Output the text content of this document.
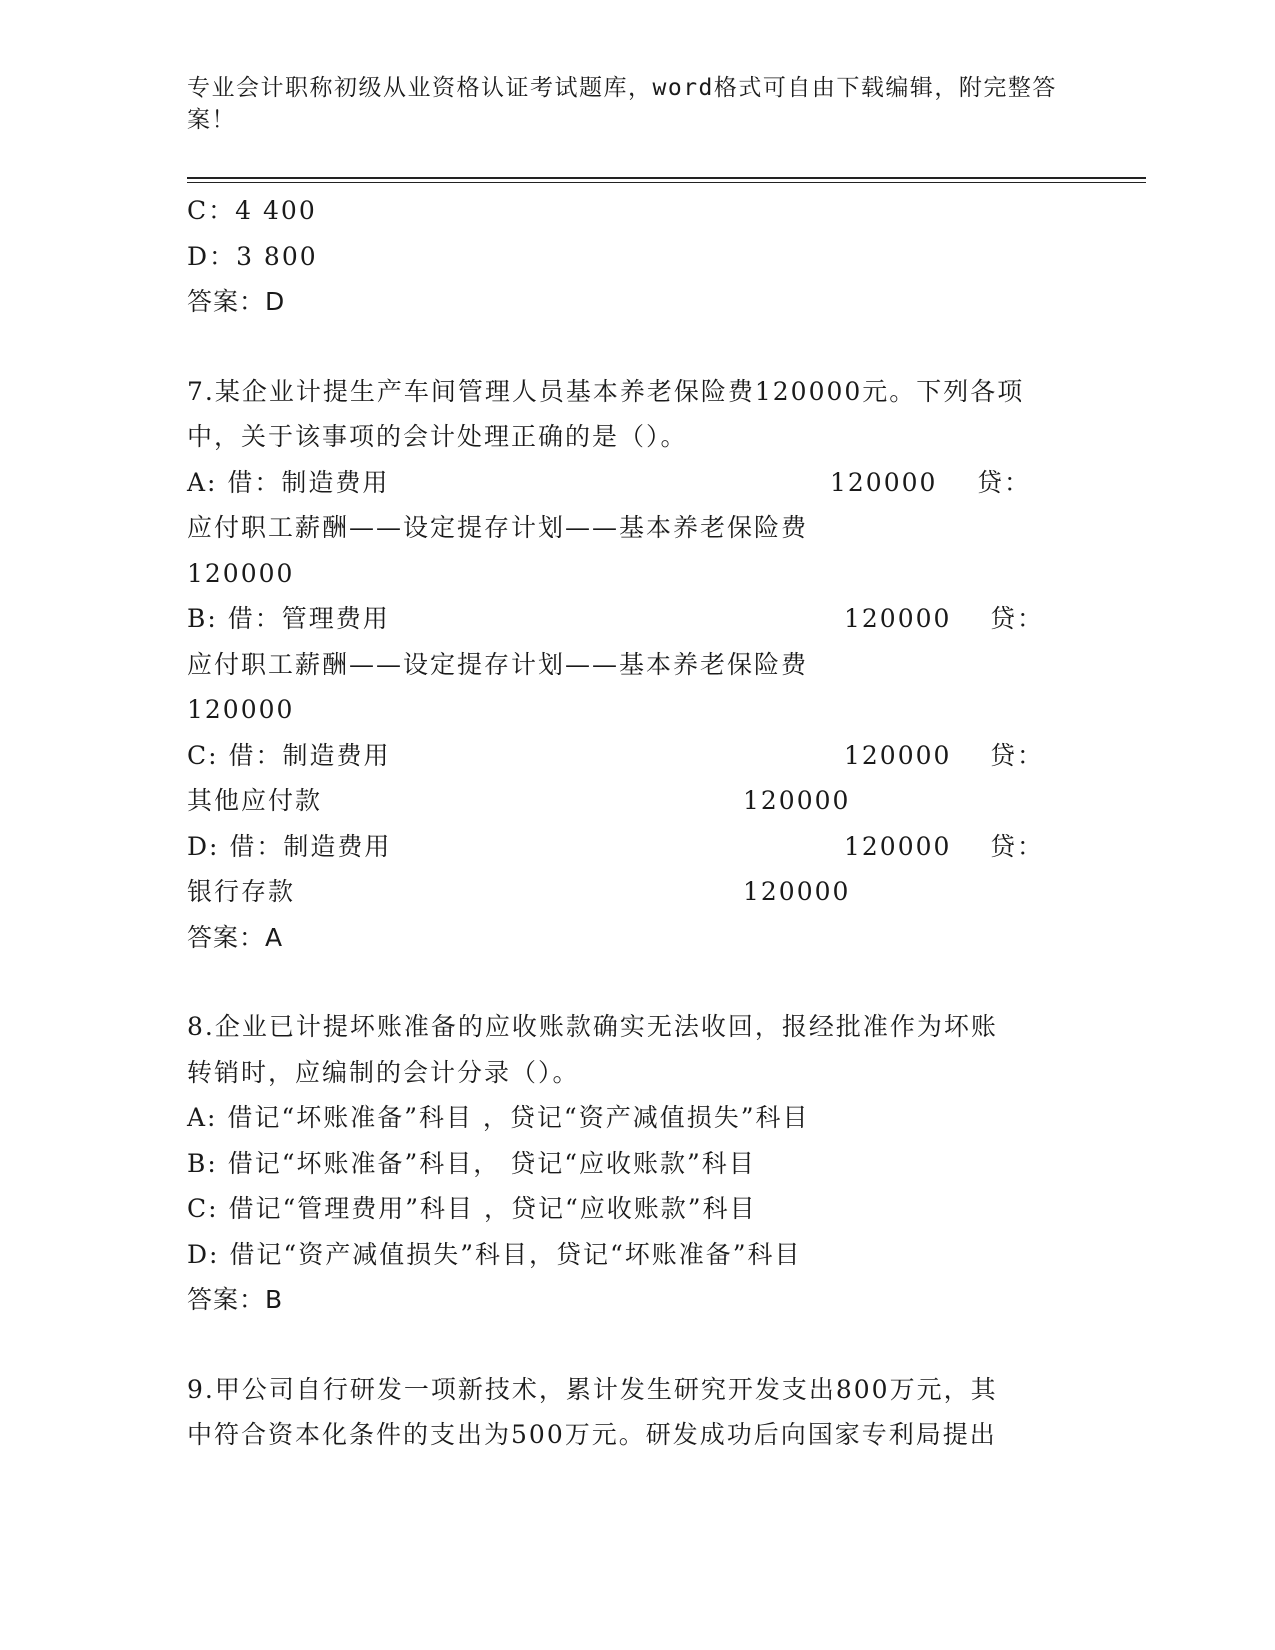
专业会计职称初级从业资格认证考试题库，word格式可自由下载编辑，附完整答案！
C：4 400
D：3 800
答案：D
7.某企业计提生产车间管理人员基本养老保险费120000元。下列各项
中，关于该事项的会计处理正确的是（）。
A: 借：制造费用	120000 贷：
应付职工薪酬——设定提存计划——基本养老保险费
120000
B: 借：管理费用	120000 贷：
应付职工薪酬——设定提存计划——基本养老保险费
120000
C: 借：制造费用	120000 贷：
其他应付款	120000
D: 借：制造费用	120000 贷：
银行存款	120000
答案：A
8.企业已计提坏账准备的应收账款确实无法收回，报经批准作为坏账
转销时，应编制的会计分录（）。
A: 借记“坏账准备”科目 ，贷记“资产减值损失”科目
B: 借记“坏账准备”科目， 贷记“应收账款”科目
C: 借记“管理费用”科目 ，贷记“应收账款”科目
D: 借记“资产减值损失”科目，贷记“坏账准备”科目
答案：B
9.甲公司自行研发一项新技术，累计发生研究开发支出800万元，其
中符合资本化条件的支出为500万元。研发成功后向国家专利局提出
